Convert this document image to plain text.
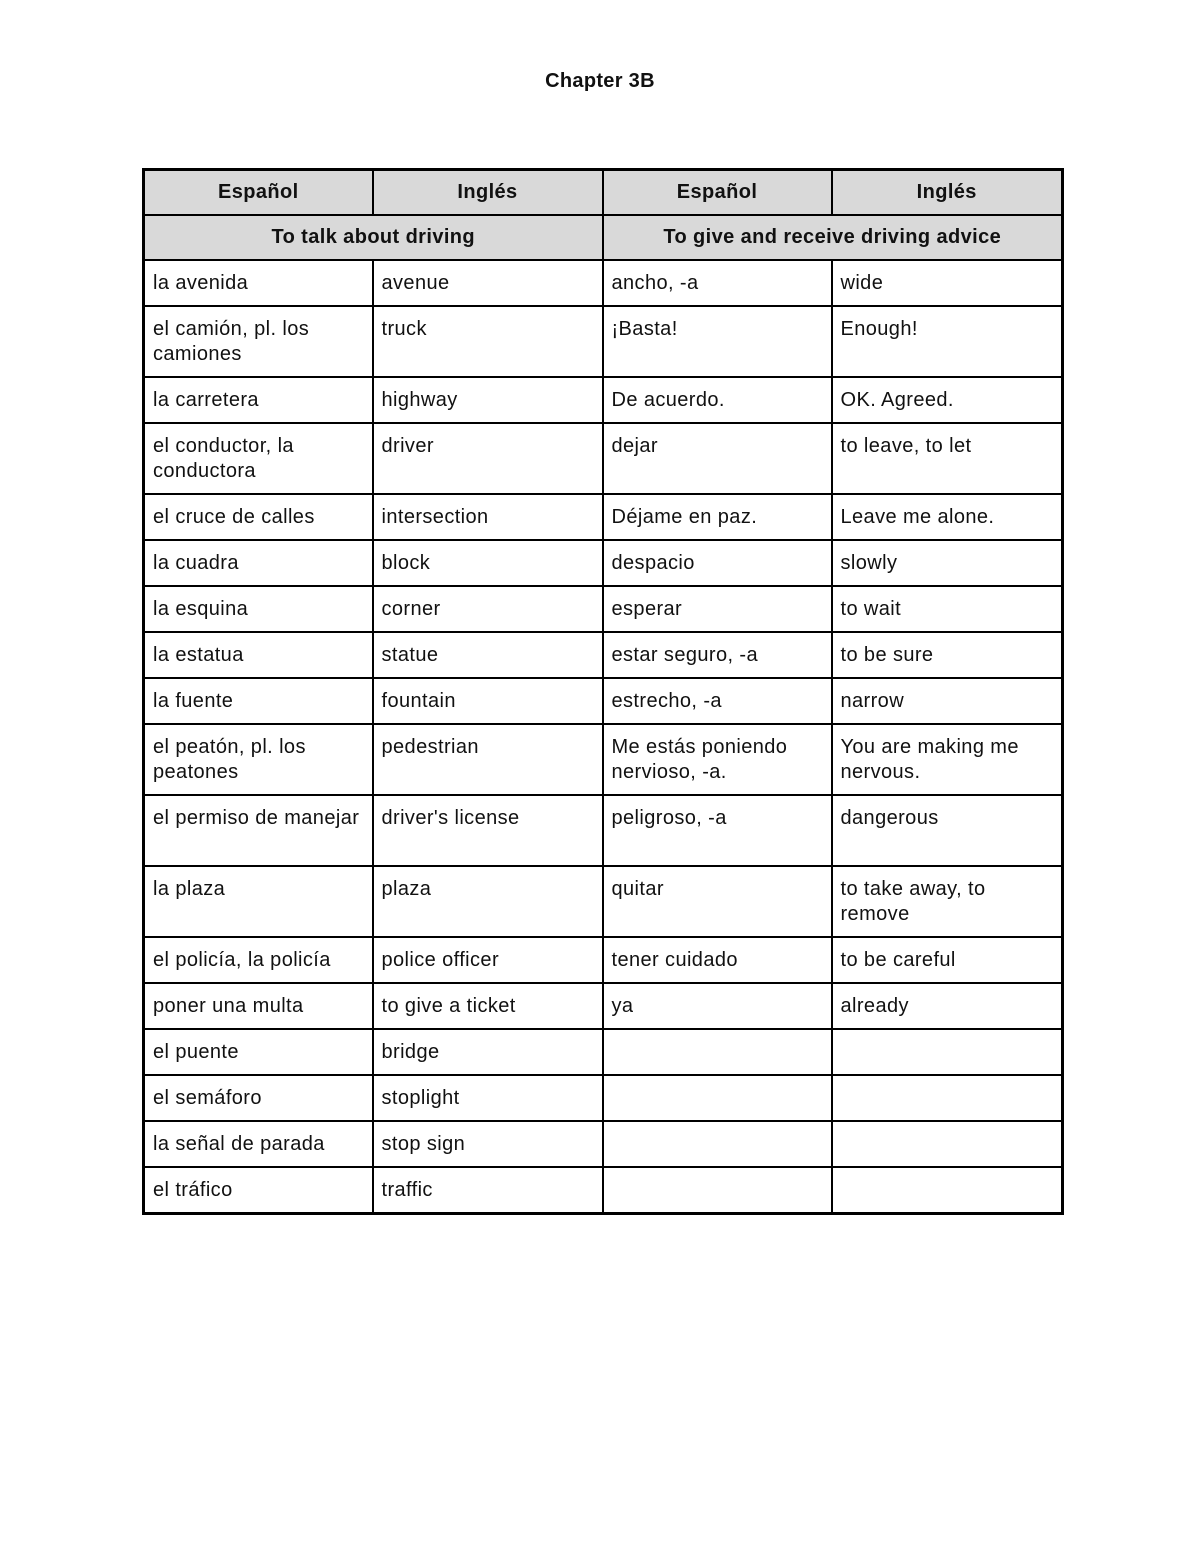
Chapter 3B
Español	Inglés	Español	Inglés
To talk about driving		To give and receive driving advice	
la avenida	avenue	ancho, -a	wide
el camión, pl. los camiones	truck	¡Basta!	Enough!
la carretera	highway	De acuerdo.	OK. Agreed.
el conductor, la conductora	driver	dejar	to leave, to let
el cruce de calles	intersection	Déjame en paz.	Leave me alone.
la cuadra	block	despacio	slowly
la esquina	corner	esperar	to wait
la estatua	statue	estar seguro, -a	to be sure
la fuente	fountain	estrecho, -a	narrow
el peatón, pl. los peatones	pedestrian	Me estás poniendo nervioso, -a.	You are making me nervous.
el permiso de manejar	driver's license	peligroso, -a	dangerous
la plaza	plaza	quitar	to take away, to remove
el policía, la policía	police officer	tener cuidado	to be careful
poner una multa	to give a ticket	ya	already
el puente	bridge		
el semáforo	stoplight		
la señal de parada	stop sign		
el tráfico	traffic		
